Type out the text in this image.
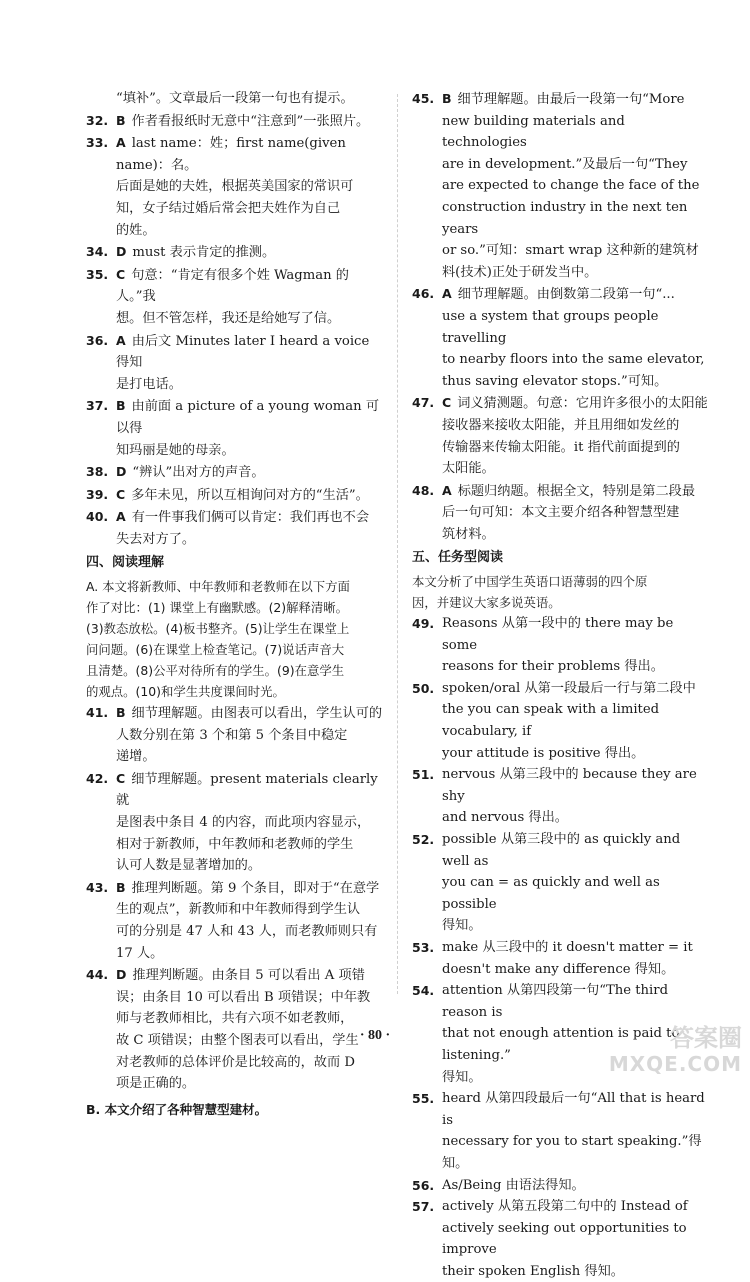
“填补”。文章最后一段第一句也有提示。
32. B 作者看报纸时无意中“注意到”一张照片。
33. A last name：姓；first name(given name)：名。
后面是她的夫姓，根据英美国家的常识可
知，女子结过婚后常会把夫姓作为自己
的姓。
34. D must 表示肯定的推测。
35. C 句意：“肯定有很多个姓 Wagman 的人。”我
想。但不管怎样，我还是给她写了信。
36. A 由后文 Minutes later I heard a voice 得知
是打电话。
37. B 由前面 a picture of a young woman 可以得
知玛丽是她的母亲。
38. D “辨认”出对方的声音。
39. C 多年未见，所以互相询问对方的“生活”。
40. A 有一件事我们俩可以肯定：我们再也不会
失去对方了。
四、阅读理解
A. 本文将新教师、中年教师和老教师在以下方面
作了对比：(1) 课堂上有幽默感。(2)解释清晰。
(3)教态放松。(4)板书整齐。(5)让学生在课堂上
问问题。(6)在课堂上检查笔记。(7)说话声音大
且清楚。(8)公平对待所有的学生。(9)在意学生
的观点。(10)和学生共度课间时光。
41. B 细节理解题。由图表可以看出，学生认可的
人数分别在第 3 个和第 5 个条目中稳定
递增。
42. C 细节理解题。present materials clearly 就
是图表中条目 4 的内容，而此项内容显示，
相对于新教师，中年教师和老教师的学生
认可人数是显著增加的。
43. B 推理判断题。第 9 个条目，即对于“在意学
生的观点”，新教师和中年教师得到学生认
可的分别是 47 人和 43 人，而老教师则只有
17 人。
44. D 推理判断题。由条目 5 可以看出 A 项错
误；由条目 10 可以看出 B 项错误；中年教
师与老教师相比，共有六项不如老教师，
故 C 项错误；由整个图表可以看出，学生
对老教师的总体评价是比较高的，故而 D
项是正确的。
B. 本文介绍了各种智慧型建材。
45. B 细节理解题。由最后一段第一句“More
new building materials and technologies
are in development.”及最后一句“They
are expected to change the face of the
construction industry in the next ten years
or so.”可知：smart wrap 这种新的建筑材
料(技术)正处于研发当中。
46. A 细节理解题。由倒数第二段第一句“...
use a system that groups people travelling
to nearby floors into the same elevator,
thus saving elevator stops.”可知。
47. C 词义猜测题。句意：它用许多很小的太阳能
接收器来接收太阳能，并且用细如发丝的
传输器来传输太阳能。it 指代前面提到的
太阳能。
48. A 标题归纳题。根据全文，特别是第二段最
后一句可知：本文主要介绍各种智慧型建
筑材料。
五、任务型阅读
本文分析了中国学生英语口语薄弱的四个原
因，并建议大家多说英语。
49. Reasons 从第一段中的 there may be some
reasons for their problems 得出。
50. spoken/oral 从第一段最后一行与第二段中
the you can speak with a limited vocabulary, if
your attitude is positive 得出。
51. nervous 从第三段中的 because they are shy
and nervous 得出。
52. possible 从第三段中的 as quickly and well as
you can = as quickly and well as possible
得知。
53. make 从三段中的 it doesn't matter = it
doesn't make any difference 得知。
54. attention 从第四段第一句“The third reason is
that not enough attention is paid to listening.”
得知。
55. heard 从第四段最后一句“All that is heard is
necessary for you to start speaking.”得知。
56. As/Being 由语法得知。
57. actively 从第五段第二句中的 Instead of
actively seeking out opportunities to improve
their spoken English 得知。
· 80 ·	答案圈
MXQE.COM
